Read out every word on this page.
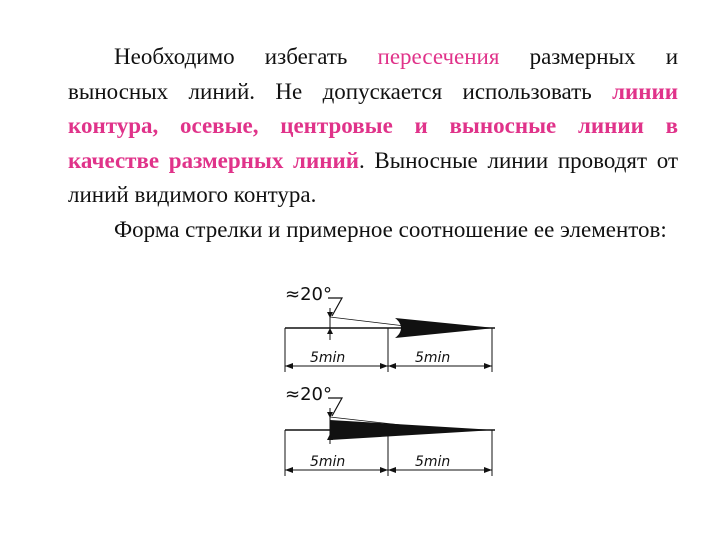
Необходимо избегать пересечения размерных и выносных линий. Не допускается использовать линии контура, осевые, центровые и выносные линии в качестве размерных линий. Выносные линии проводят от линий видимого контура.

Форма стрелки и примерное соотношение ее элементов:

≈20°
5min	5min
≈20°
5min	5min
